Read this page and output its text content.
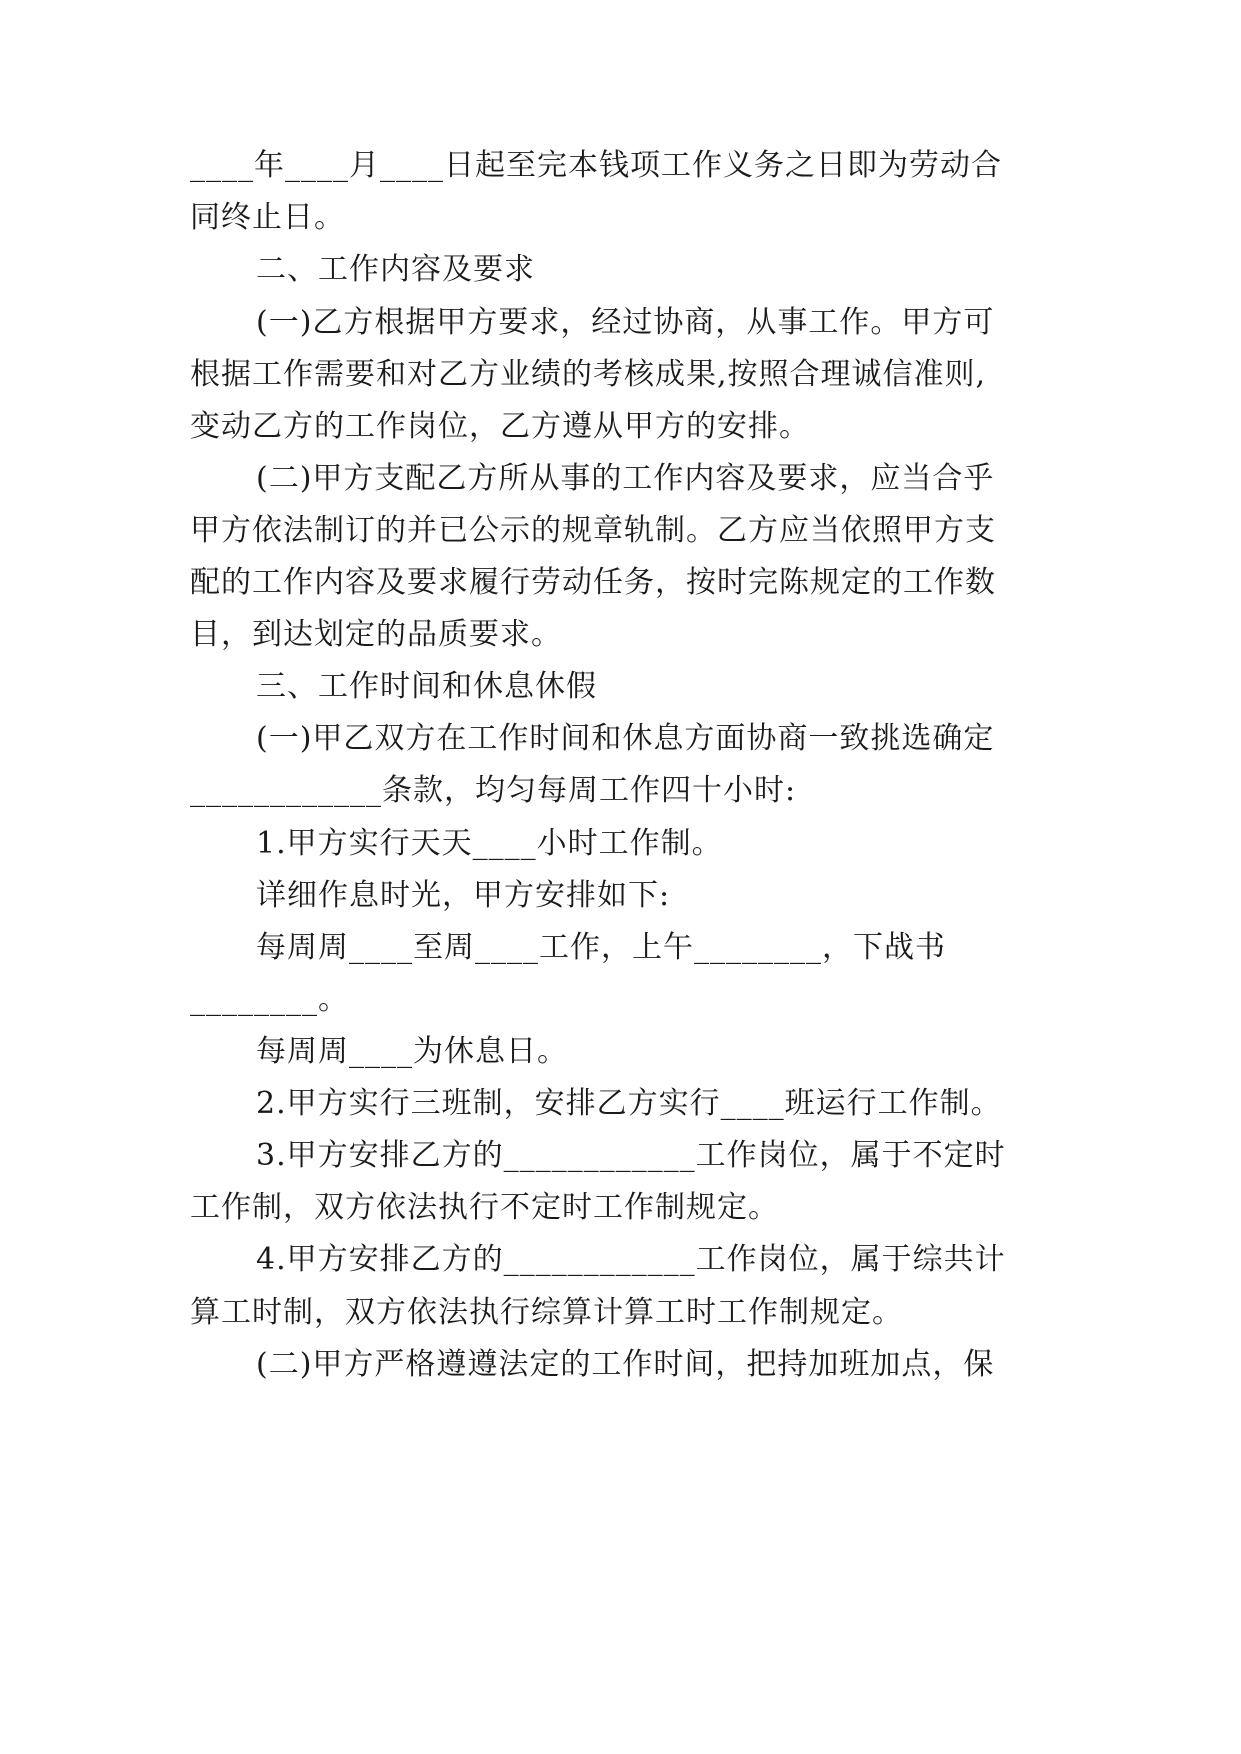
____年____月____日起至完本钱项工作义务之日即为劳动合
同终止日。
二、工作内容及要求
(一)乙方根据甲方要求，经过协商，从事工作。甲方可
根据工作需要和对乙方业绩的考核成果,按照合理诚信准则,
变动乙方的工作岗位，乙方遵从甲方的安排。
(二)甲方支配乙方所从事的工作内容及要求，应当合乎
甲方依法制订的并已公示的规章轨制。乙方应当依照甲方支
配的工作内容及要求履行劳动任务，按时完陈规定的工作数
目，到达划定的品质要求。
三、工作时间和休息休假
(一)甲乙双方在工作时间和休息方面协商一致挑选确定
____________条款，均匀每周工作四十小时:
1.甲方实行天天____小时工作制。
详细作息时光，甲方安排如下:
每周周____至周____工作，上午________，下战书
________。
每周周____为休息日。
2.甲方实行三班制，安排乙方实行____班运行工作制。
3.甲方安排乙方的____________工作岗位，属于不定时
工作制，双方依法执行不定时工作制规定。
4.甲方安排乙方的____________工作岗位，属于综共计
算工时制，双方依法执行综算计算工时工作制规定。
(二)甲方严格遵遵法定的工作时间，把持加班加点，保
